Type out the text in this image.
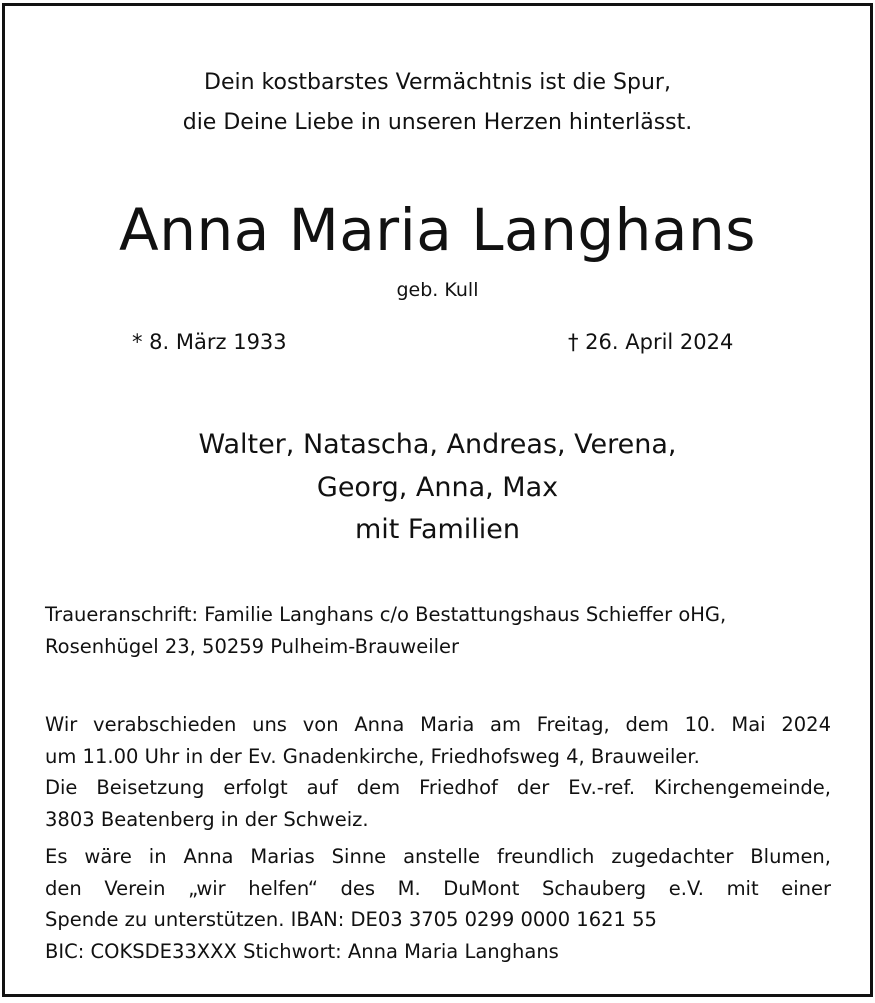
Dein kostbarstes Vermächtnis ist die Spur,
die Deine Liebe in unseren Herzen hinterlässt.
Anna Maria Langhans
geb. Kull
* 8. März 1933	† 26. April 2024
Walter, Natascha, Andreas, Verena,
Georg, Anna, Max
mit Familien
Traueranschrift: Familie Langhans c/o Bestattungshaus Schieffer oHG,
Rosenhügel 23, 50259 Pulheim-Brauweiler
Wir verabschieden uns von Anna Maria am Freitag, dem 10. Mai 2024
um 11.00 Uhr in der Ev. Gnadenkirche, Friedhofsweg 4, Brauweiler.
Die Beisetzung erfolgt auf dem Friedhof der Ev.-ref. Kirchengemeinde,
3803 Beatenberg in der Schweiz.
Es wäre in Anna Marias Sinne anstelle freundlich zugedachter Blumen,
den Verein „wir helfen“ des M. DuMont Schauberg e.V. mit einer
Spende zu unterstützen. IBAN: DE03 3705 0299 0000 1621 55
BIC: COKSDE33XXX Stichwort: Anna Maria Langhans
